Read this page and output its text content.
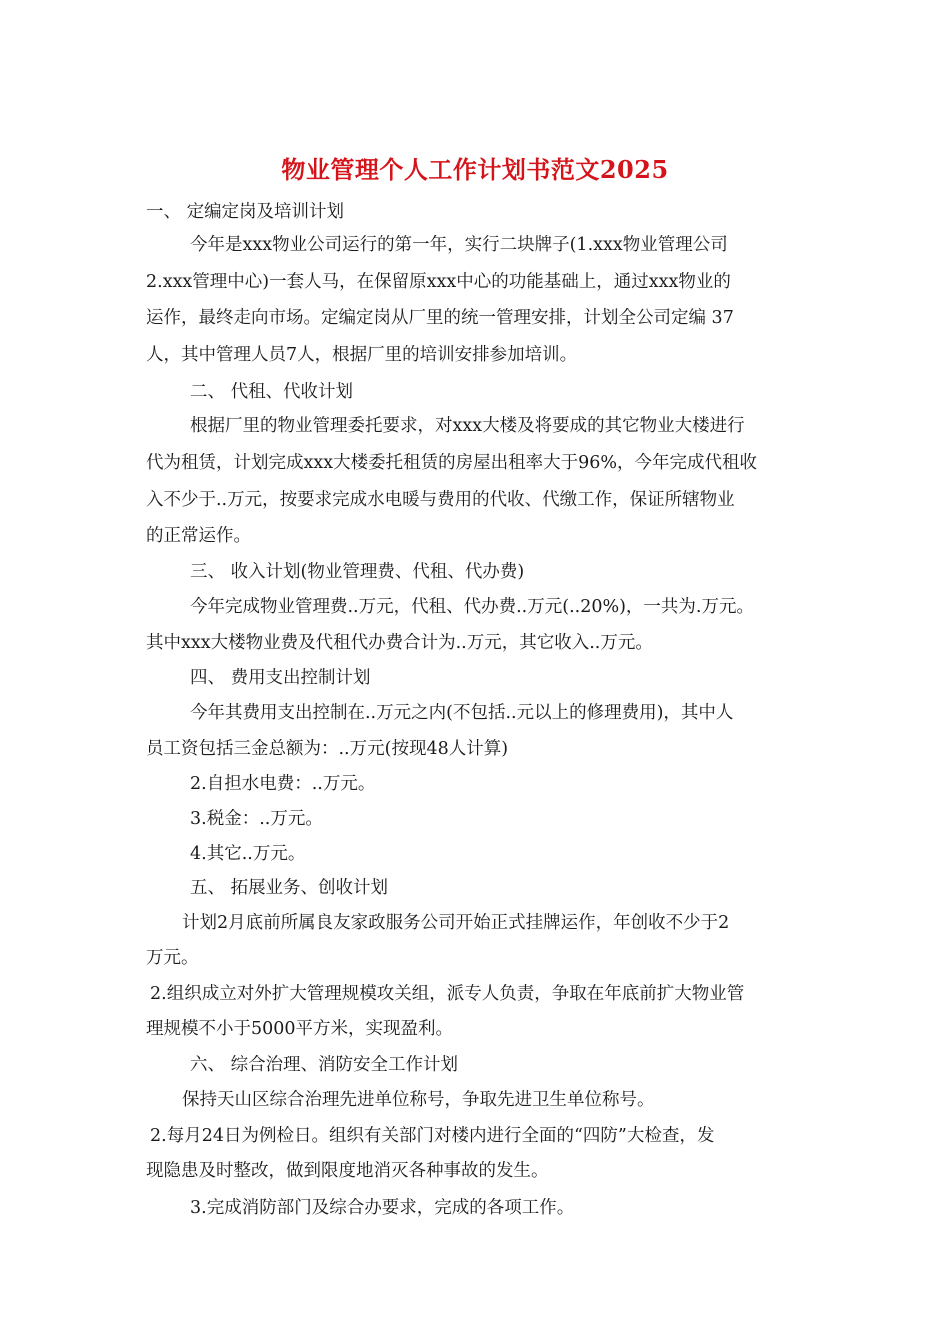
物业管理个人工作计划书范文2025
一、 定编定岗及培训计划
今年是xxx物业公司运行的第一年，实行二块牌子(1.xxx物业管理公司
2.xxx管理中心)一套人马，在保留原xxx中心的功能基础上，通过xxx物业的
运作，最终走向市场。定编定岗从厂里的统一管理安排，计划全公司定编 37
人，其中管理人员7人，根据厂里的培训安排参加培训。
二、 代租、代收计划
根据厂里的物业管理委托要求，对xxx大楼及将要成的其它物业大楼进行
代为租赁，计划完成xxx大楼委托租赁的房屋出租率大于96%，今年完成代租收
入不少于..万元，按要求完成水电暖与费用的代收、代缴工作，保证所辖物业
的正常运作。
三、 收入计划(物业管理费、代租、代办费)
今年完成物业管理费..万元，代租、代办费..万元(..20%)，一共为.万元。
其中xxx大楼物业费及代租代办费合计为..万元，其它收入..万元。
四、 费用支出控制计划
今年其费用支出控制在..万元之内(不包括..元以上的修理费用)，其中人
员工资包括三金总额为：..万元(按现48人计算)
2.自担水电费：..万元。
3.税金：..万元。
4.其它..万元。
五、 拓展业务、创收计划
计划2月底前所属良友家政服务公司开始正式挂牌运作，年创收不少于2
万元。
2.组织成立对外扩大管理规模攻关组，派专人负责，争取在年底前扩大物业管
理规模不小于5000平方米，实现盈利。
六、 综合治理、消防安全工作计划
保持天山区综合治理先进单位称号，争取先进卫生单位称号。
2.每月24日为例检日。组织有关部门对楼内进行全面的“四防”大检查，发
现隐患及时整改，做到限度地消灭各种事故的发生。
3.完成消防部门及综合办要求，完成的各项工作。
